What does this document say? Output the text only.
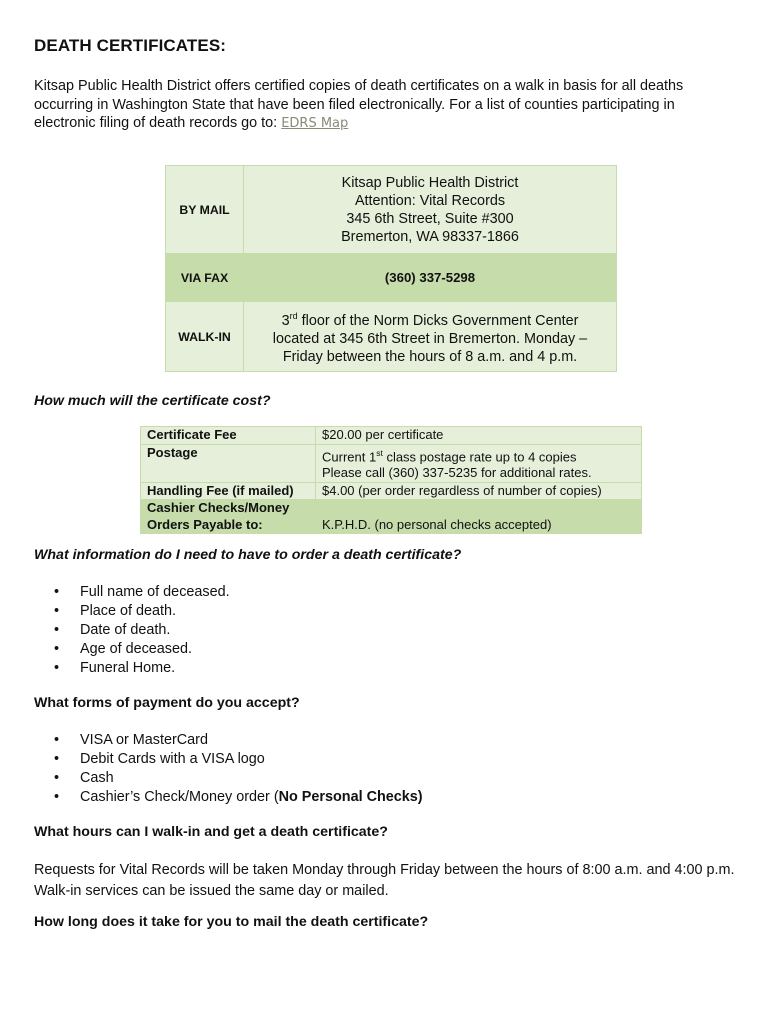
DEATH CERTIFICATES:

Kitsap Public Health District offers certified copies of death certificates on a walk in basis for all deaths occurring in Washington State that have been filed electronically. For a list of counties participating in electronic filing of death records go to: EDRS Map

BY MAIL	Kitsap Public Health District
Attention: Vital Records
345 6th Street, Suite #300
Bremerton, WA 98337-1866

VIA FAX	(360) 337-5298
WALK-IN	3rd floor of the Norm Dicks Government Center
located at 345 6th Street in Bremerton. Monday –
Friday between the hours of 8 a.m. and 4 p.m.

How much will the certificate cost?

Certificate Fee	$20.00 per certificate
Postage	Current 1st class postage rate up to 4 copies
Please call (360) 337-5235 for additional rates.

Handling Fee (if mailed)	$4.00 (per order regardless of number of copies)

Cashier Checks/Money
Orders Payable to:	K.P.H.D. (no personal checks accepted)

What information do I need to have to order a death certificate?

• Full name of deceased.
• Place of death.
• Date of death.
• Age of deceased.
• Funeral Home.

What forms of payment do you accept?

• VISA or MasterCard
• Debit Cards with a VISA logo
• Cash
• Cashier’s Check/Money order (No Personal Checks)

What hours can I walk-in and get a death certificate?

Requests for Vital Records will be taken Monday through Friday between the hours of 8:00 a.m. and 4:00 p.m. Walk-in services can be issued the same day or mailed.

How long does it take for you to mail the death certificate?
